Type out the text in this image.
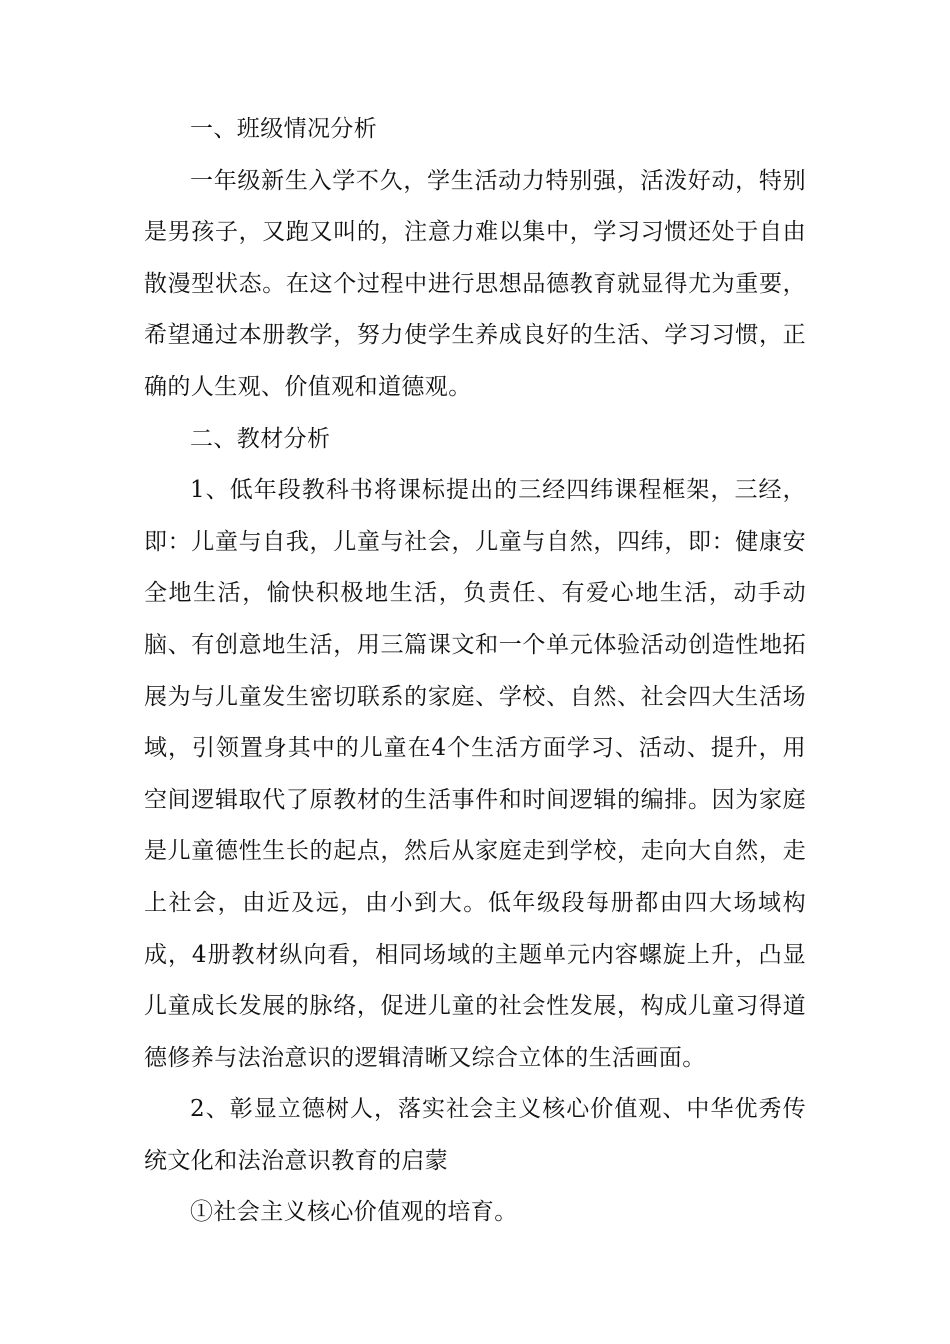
一、班级情况分析

一年级新生入学不久，学生活动力特别强，活泼好动，特别是男孩子，又跑又叫的，注意力难以集中，学习习惯还处于自由散漫型状态。在这个过程中进行思想品德教育就显得尤为重要，希望通过本册教学，努力使学生养成良好的生活、学习习惯，正确的人生观、价值观和道德观。

二、教材分析

1、低年段教科书将课标提出的三经四纬课程框架，三经，即：儿童与自我，儿童与社会，儿童与自然，四纬，即：健康安全地生活，愉快积极地生活，负责任、有爱心地生活，动手动脑、有创意地生活，用三篇课文和一个单元体验活动创造性地拓展为与儿童发生密切联系的家庭、学校、自然、社会四大生活场域，引领置身其中的儿童在4个生活方面学习、活动、提升，用空间逻辑取代了原教材的生活事件和时间逻辑的编排。因为家庭是儿童德性生长的起点，然后从家庭走到学校，走向大自然，走上社会，由近及远，由小到大。低年级段每册都由四大场域构成，4册教材纵向看，相同场域的主题单元内容螺旋上升，凸显儿童成长发展的脉络，促进儿童的社会性发展，构成儿童习得道德修养与法治意识的逻辑清晰又综合立体的生活画面。

2、彰显立德树人，落实社会主义核心价值观、中华优秀传统文化和法治意识教育的启蒙

①社会主义核心价值观的培育。
